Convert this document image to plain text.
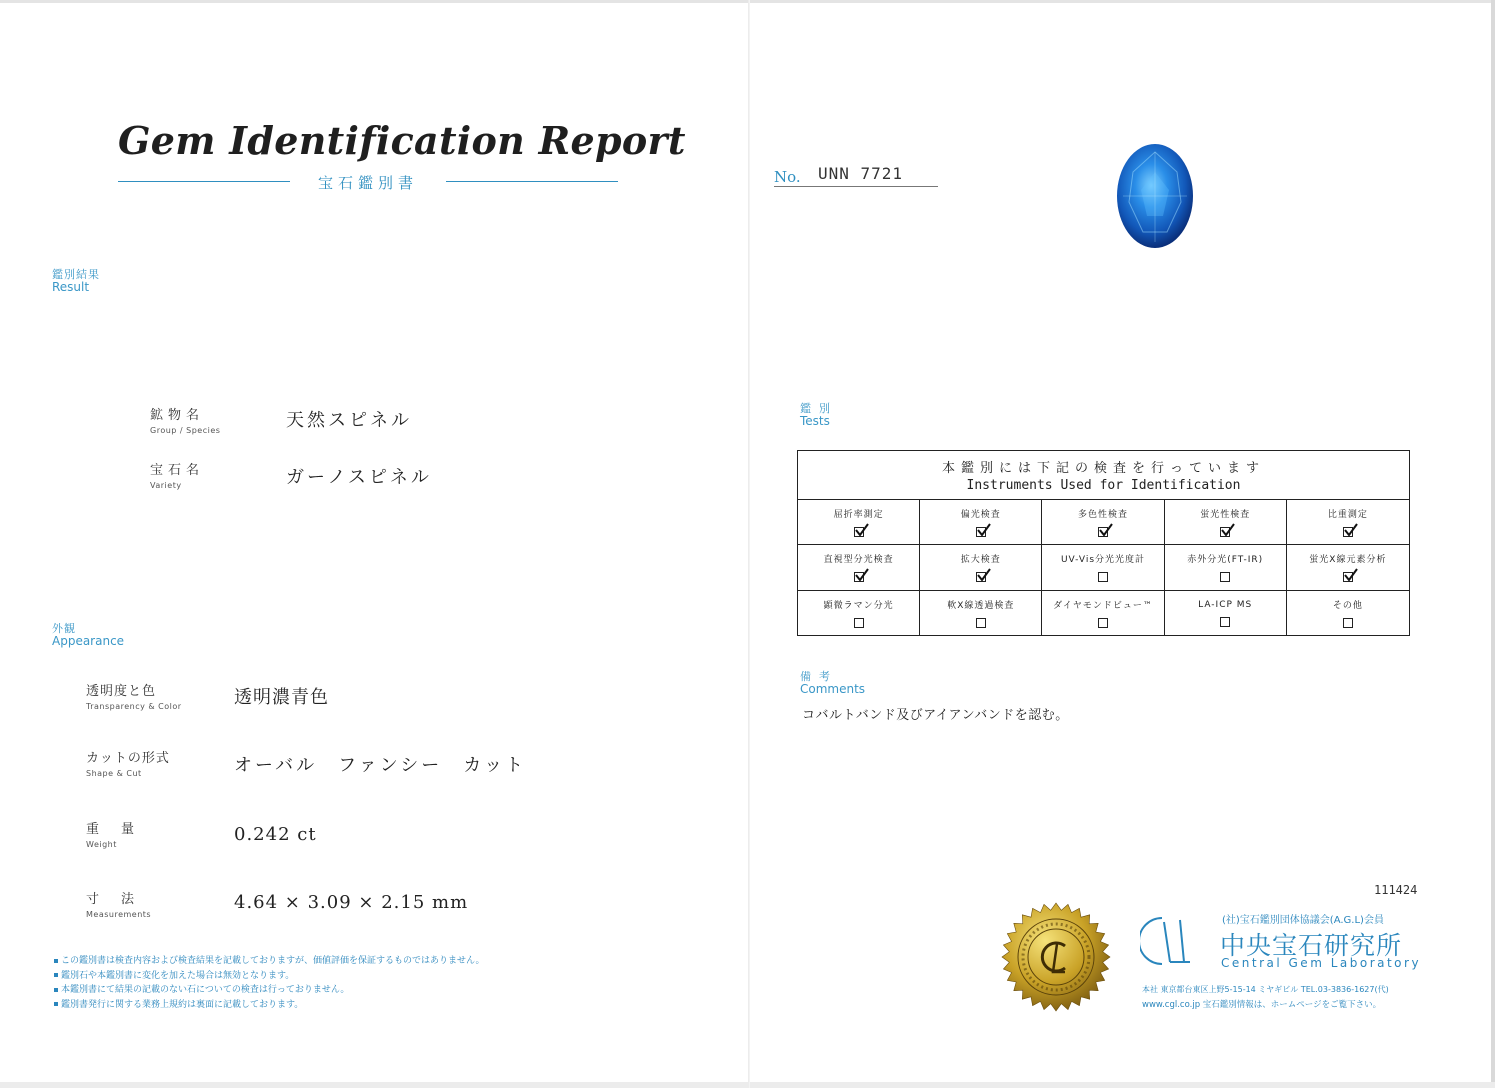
Gem Identification Report
宝石鑑別書
鑑別結果
Result
鉱物名
Group / Species	天然スピネル
宝石名
Variety	ガーノスピネル
外観
Appearance
透明度と色
Transparency & Color	透明濃青色
カットの形式
Shape & Cut	オーバル　ファンシー　カット
重量
Weight	0.242 ct
寸法
Measurements
4.64 × 3.09 × 2.15 mm
この鑑別書は検査内容および検査結果を記載しておりますが、価値評価を保証するものではありません。
鑑別石や本鑑別書に変化を加えた場合は無効となります。
本鑑別書にて結果の記載のない石についての検査は行っておりません。
鑑別書発行に関する業務上規約は裏面に記載しております。
No. UNN 7721
鑑別
Tests
本鑑別には下記の検査を行っています
Instruments Used for Identification
屈折率測定	偏光検査	多色性検査	蛍光性検査	比重測定
直視型分光検査	拡大検査	UV-Vis分光光度計	赤外分光(FT-IR)	蛍光X線元素分析
顕微ラマン分光	軟X線透過検査	ダイヤモンドビュー™	LA-ICP MS	その他
備考
Comments
コバルトバンド及びアイアンバンドを認む。
111424
(社)宝石鑑別団体協議会(A.G.L)会員
中央宝石研究所
Central Gem Laboratory
本社 東京都台東区上野5-15-14 ミヤギビル TEL.03-3836-1627(代)
www.cgl.co.jp 宝石鑑別情報は、ホームページをご覧下さい。
